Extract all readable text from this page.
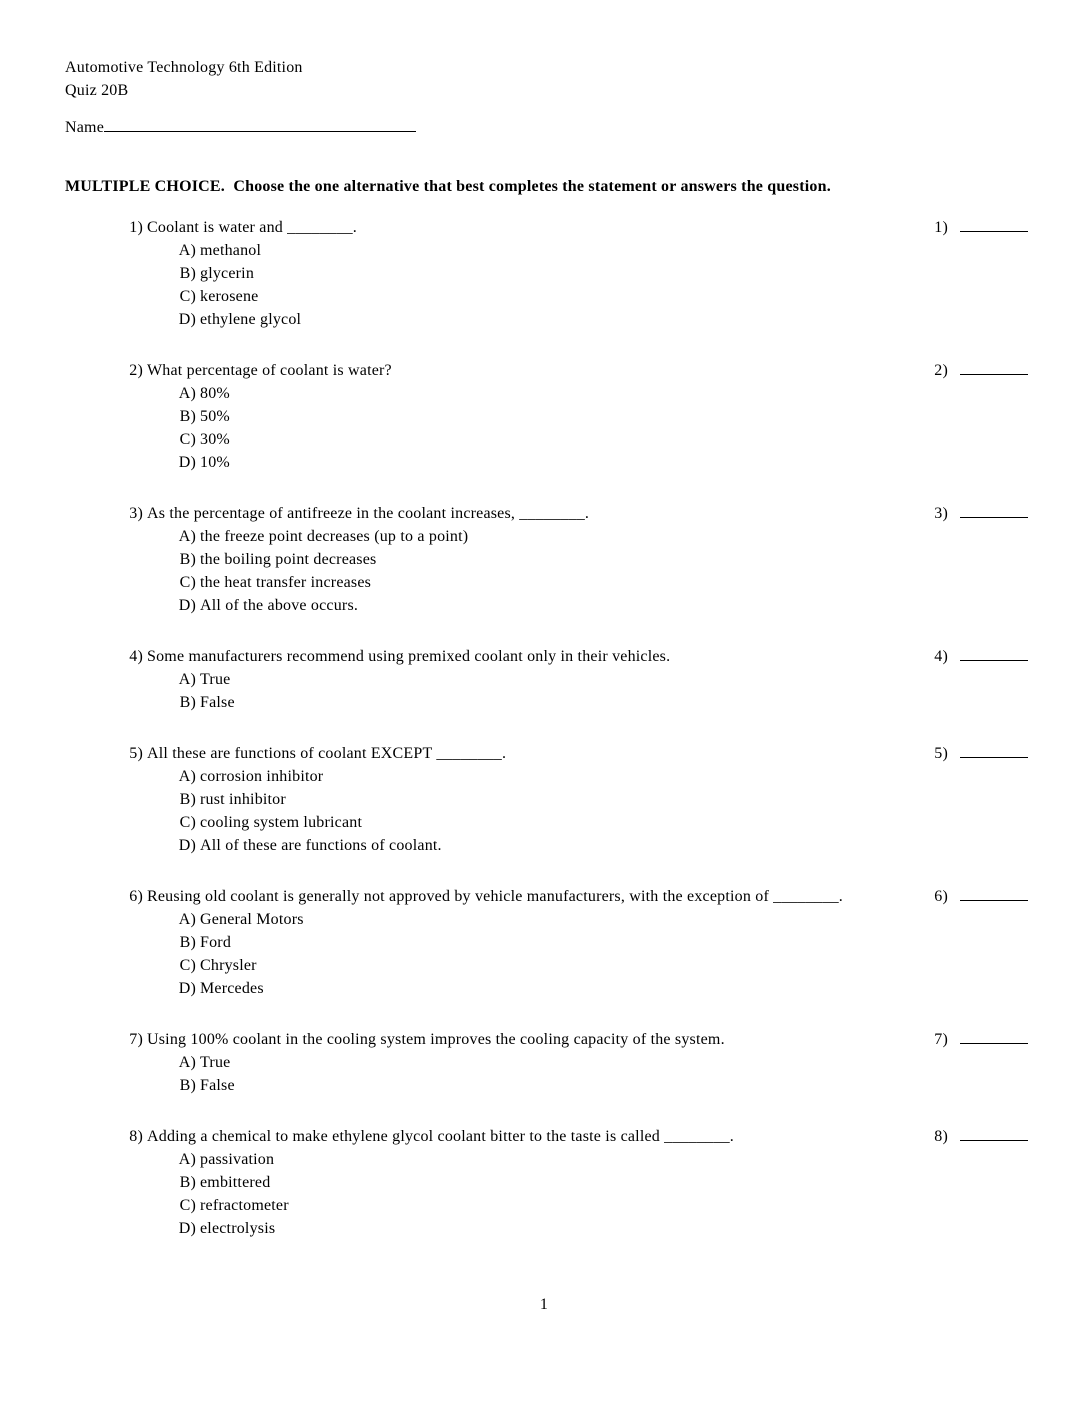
Automotive Technology 6th Edition
Quiz 20B
Name
MULTIPLE CHOICE.  Choose the one alternative that best completes the statement or answers the question.
1) Coolant is water and ________.	1)
A) methanol
B) glycerin
C) kerosene
D) ethylene glycol
2) What percentage of coolant is water?	2)
A) 80%
B) 50%
C) 30%
D) 10%
3) As the percentage of antifreeze in the coolant increases, ________.	3)
A) the freeze point decreases (up to a point)
B) the boiling point decreases
C) the heat transfer increases
D) All of the above occurs.
4) Some manufacturers recommend using premixed coolant only in their vehicles.	4)
A) True
B) False
5) All these are functions of coolant EXCEPT ________.	5)
A) corrosion inhibitor
B) rust inhibitor
C) cooling system lubricant
D) All of these are functions of coolant.
6) Reusing old coolant is generally not approved by vehicle manufacturers, with the exception of ________.	6)
A) General Motors
B) Ford
C) Chrysler
D) Mercedes
7) Using 100% coolant in the cooling system improves the cooling capacity of the system.	7)
A) True
B) False
8) Adding a chemical to make ethylene glycol coolant bitter to the taste is called ________.	8)
A) passivation
B) embittered
C) refractometer
D) electrolysis
1
